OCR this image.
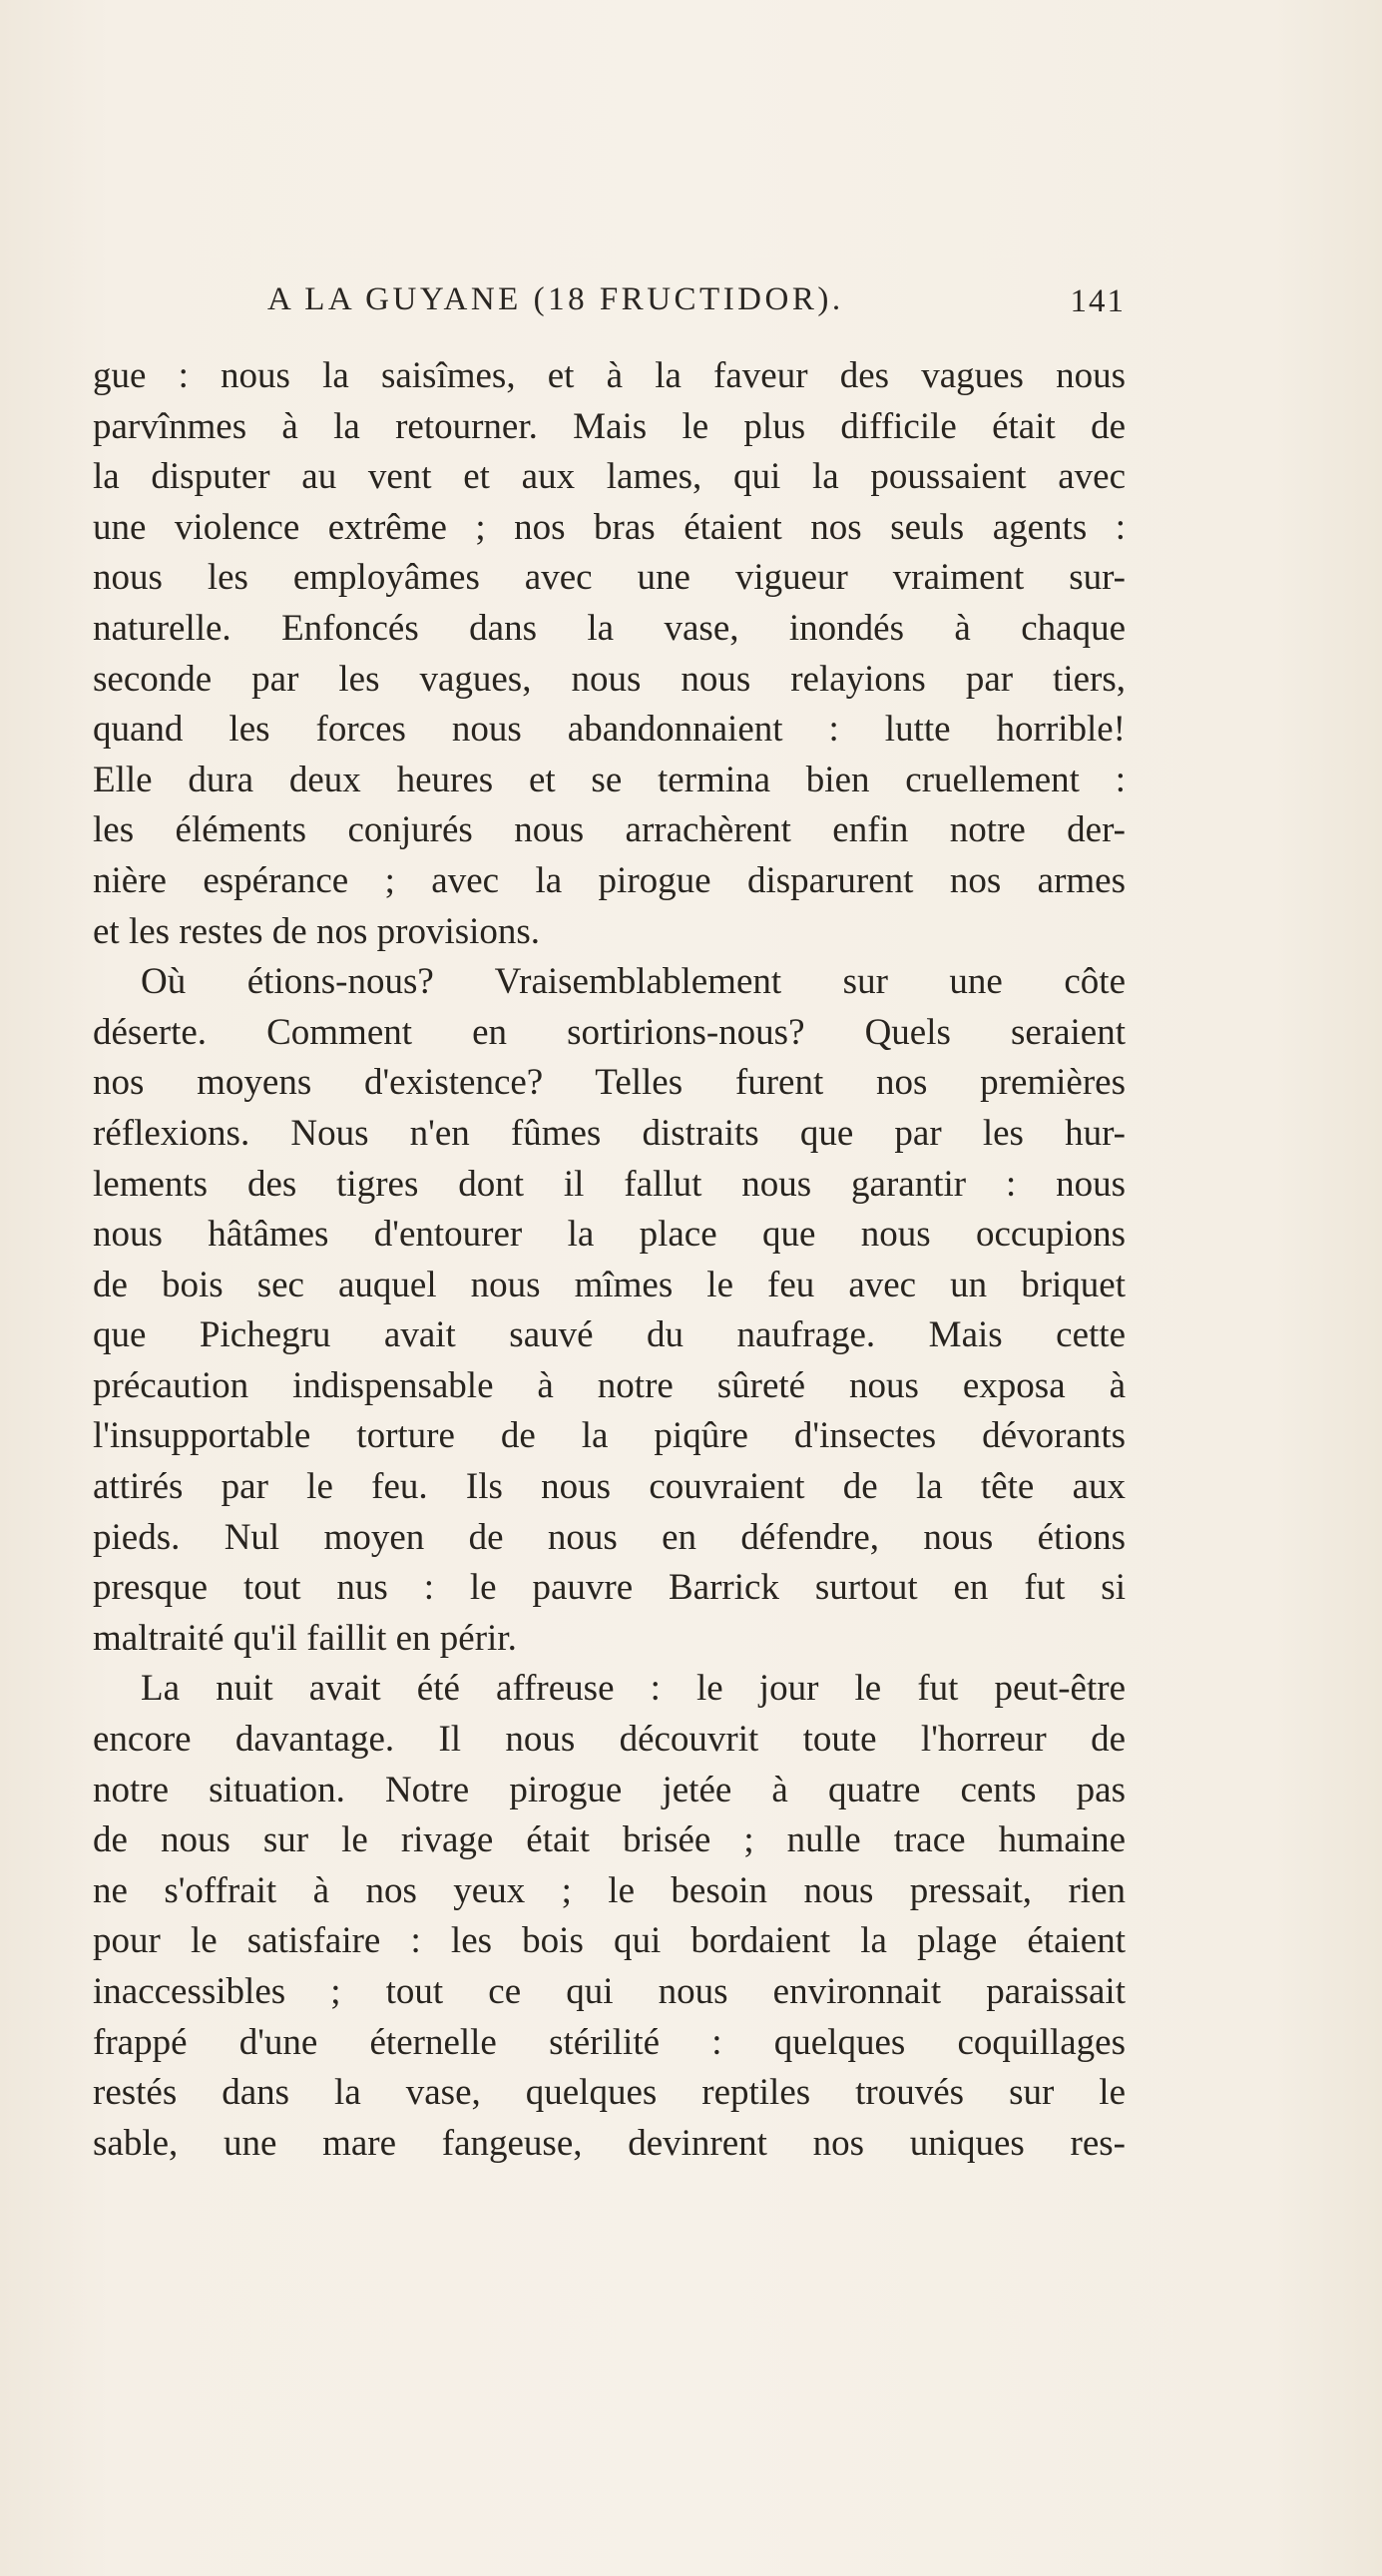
A LA GUYANE (18 FRUCTIDOR).	141
gue : nous la saisîmes, et à la faveur des vagues nous
parvînmes à la retourner. Mais le plus difficile était de
la disputer au vent et aux lames, qui la poussaient avec
une violence extrême ; nos bras étaient nos seuls agents :
nous les employâmes avec une vigueur vraiment sur-
naturelle. Enfoncés dans la vase, inondés à chaque
seconde par les vagues, nous nous relayions par tiers,
quand les forces nous abandonnaient : lutte horrible!
Elle dura deux heures et se termina bien cruellement :
les éléments conjurés nous arrachèrent enfin notre der-
nière espérance ; avec la pirogue disparurent nos armes
et les restes de nos provisions.
Où étions-nous? Vraisemblablement sur une côte
déserte. Comment en sortirions-nous? Quels seraient
nos moyens d'existence? Telles furent nos premières
réflexions. Nous n'en fûmes distraits que par les hur-
lements des tigres dont il fallut nous garantir : nous
nous hâtâmes d'entourer la place que nous occupions
de bois sec auquel nous mîmes le feu avec un briquet
que Pichegru avait sauvé du naufrage. Mais cette
précaution indispensable à notre sûreté nous exposa à
l'insupportable torture de la piqûre d'insectes dévorants
attirés par le feu. Ils nous couvraient de la tête aux
pieds. Nul moyen de nous en défendre, nous étions
presque tout nus : le pauvre Barrick surtout en fut si
maltraité qu'il faillit en périr.
La nuit avait été affreuse : le jour le fut peut-être
encore davantage. Il nous découvrit toute l'horreur de
notre situation. Notre pirogue jetée à quatre cents pas
de nous sur le rivage était brisée ; nulle trace humaine
ne s'offrait à nos yeux ; le besoin nous pressait, rien
pour le satisfaire : les bois qui bordaient la plage étaient
inaccessibles ; tout ce qui nous environnait paraissait
frappé d'une éternelle stérilité : quelques coquillages
restés dans la vase, quelques reptiles trouvés sur le
sable, une mare fangeuse, devinrent nos uniques res-
